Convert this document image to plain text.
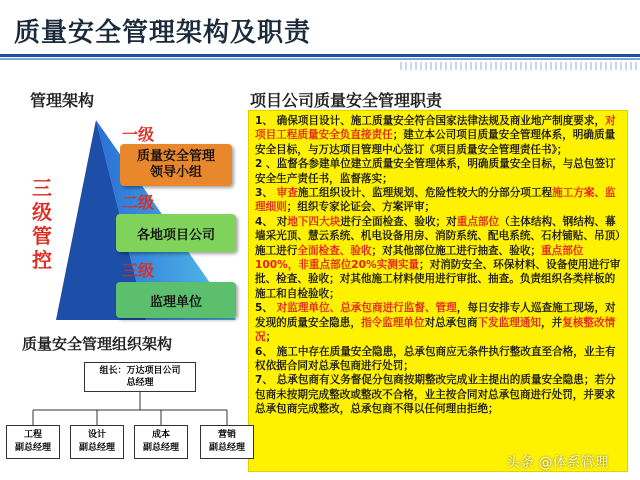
质量安全管理架构及职责
管理架构	项目公司质量安全管理职责
三
级
管
控
一级
二级
三级
质量安全管理
领导小组
各地项目公司
监理单位

1、 确保项目设计、施工质量安全符合国家法律法规及商业地产制度要求，对项目工程质量安全负直接责任；建立本公司项目质量安全管理体系，明确质量安全目标，与万达项目管理中心签订《项目质量安全管理责任书》；

2 、监督各参建单位建立质量安全管理体系，明确质量安全目标，与总包签订安全生产责任书，监督落实；

3、 审查施工组织设计、监理规划、危险性较大的分部分项工程施工方案、监理细则；组织专家论证会、方案评审；

4、 对地下四大块进行全面检查、验收；对重点部位（主体结构、钢结构、幕墙采光顶、慧云系统、机电设备用房、消防系统、配电系统、石材铺贴、吊顶）施工进行全面检查、验收；对其他部位施工进行抽查、验收；重点部位100%，非重点部位20%实测实量；对消防安全、环保材料、设备使用进行审批、检查、验收；对其他施工材料使用进行审批、抽查。负责组织各类样板的施工和自检验收；

5、 对监理单位、总承包商进行监督、管理，每日安排专人巡查施工现场，对发现的质量安全隐患，指令监理单位对总承包商下发监理通知，并复核整改情况；

6、 施工中存在质量安全隐患，总承包商应无条件执行整改直至合格，业主有权依据合同对总承包商进行处罚；

7、 总承包商有义务督促分包商按期整改完成业主提出的质量安全隐患；若分包商未按期完成整改或整改不合格，业主按合同对总承包商进行处罚，并要求总承包商完成整改，总承包商不得以任何理由拒绝；

质量安全管理组织架构
组长：万达项目公司
总经理
工程
副总经理
设计
副总经理
成本
副总经理
营销
副总经理
头条 @体系管理
